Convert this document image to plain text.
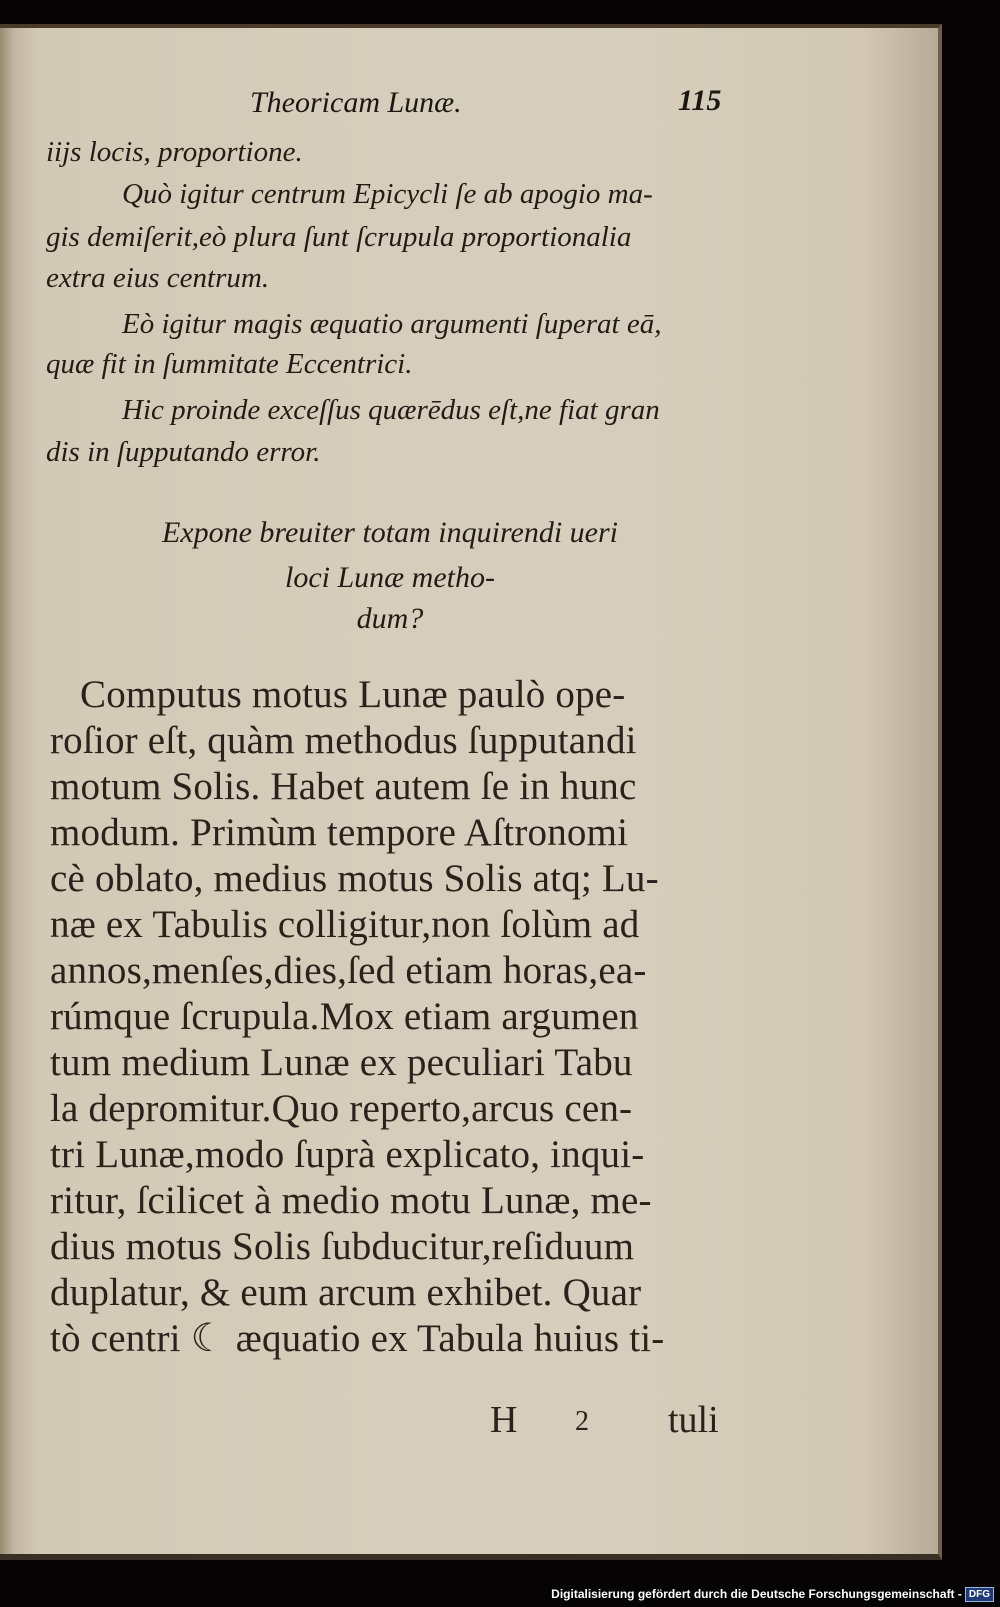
Theoricam Lunæ.	115
iijs locis, proportione.
Quò igitur centrum Epicycli ſe ab apogio ma-
gis demiſerit,eò plura ſunt ſcrupula proportionalia
extra eius centrum.
Eò igitur magis æquatio argumenti ſuperat eā,
quæ fit in ſummitate Eccentrici.
Hic proinde exceſſus quærēdus eſt,ne fiat gran
dis in ſupputando error.
Expone breuiter totam inquirendi ueri
loci Lunæ metho-
dum?
Computus motus Lunæ paulò ope-
roſior eſt, quàm methodus ſupputandi
motum Solis. Habet autem ſe in hunc
modum. Primùm tempore Aſtronomi
cè oblato, medius motus Solis atq; Lu-
næ ex Tabulis colligitur,non ſolùm ad
annos,menſes,dies,ſed etiam horas,ea-
rúmque ſcrupula.Mox etiam argumen
tum medium Lunæ ex peculiari Tabu
la depromitur.Quo reperto,arcus cen-
tri Lunæ,modo ſuprà explicato, inqui-
ritur, ſcilicet à medio motu Lunæ, me-
dius motus Solis ſubducitur,reſiduum
duplatur, & eum arcum exhibet. Quar
tò centri ☾ æquatio ex Tabula huius ti-
H 2 tuli
Digitalisierung gefördert durch die Deutsche Forschungsgemeinschaft - DFG
